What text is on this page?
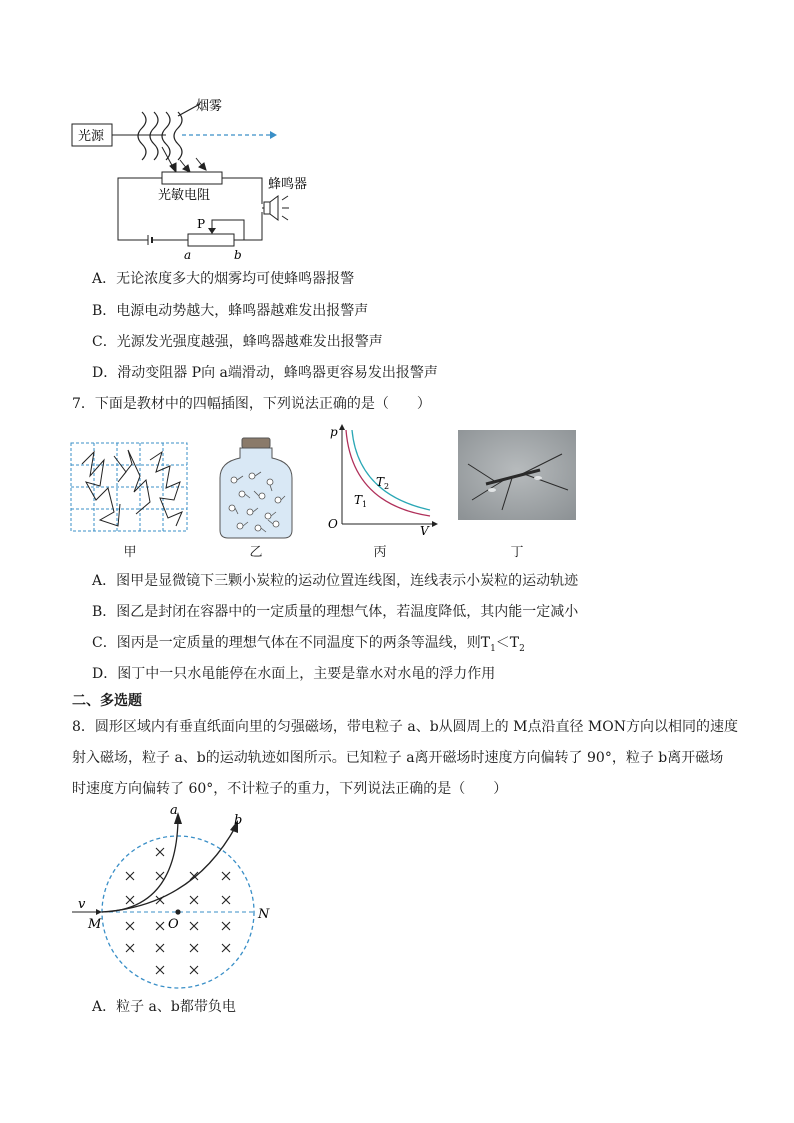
光源
烟雾
光敏电阻
蜂鸣器
P
a	b
A．无论浓度多大的烟雾均可使蜂鸣器报警
B．电源电动势越大，蜂鸣器越难发出报警声
C．光源发光强度越强，蜂鸣器越难发出报警声
D．滑动变阻器 P向 a端滑动，蜂鸣器更容易发出报警声
7．下面是教材中的四幅插图，下列说法正确的是（　　）
甲	乙
p
V
O
$T_2$
$T_1$
丙	丁
A．图甲是显微镜下三颗小炭粒的运动位置连线图，连线表示小炭粒的运动轨迹
B．图乙是封闭在容器中的一定质量的理想气体，若温度降低，其内能一定减小
C．图丙是一定质量的理想气体在不同温度下的两条等温线，则$T_1<T_2$
D．图丁中一只水黾能停在水面上，主要是靠水对水黾的浮力作用
二、多选题
8．圆形区域内有垂直纸面向里的匀强磁场，带电粒子 a、b从圆周上的 M点沿直径 MON方向以相同的速度
射入磁场，粒子 a、b的运动轨迹如图所示。已知粒子 a离开磁场时速度方向偏转了 90°，粒子 b离开磁场
时速度方向偏转了 60°，不计粒子的重力，下列说法正确的是（　　）
a
b
v
M	O
N
A．粒子 a、b都带负电
